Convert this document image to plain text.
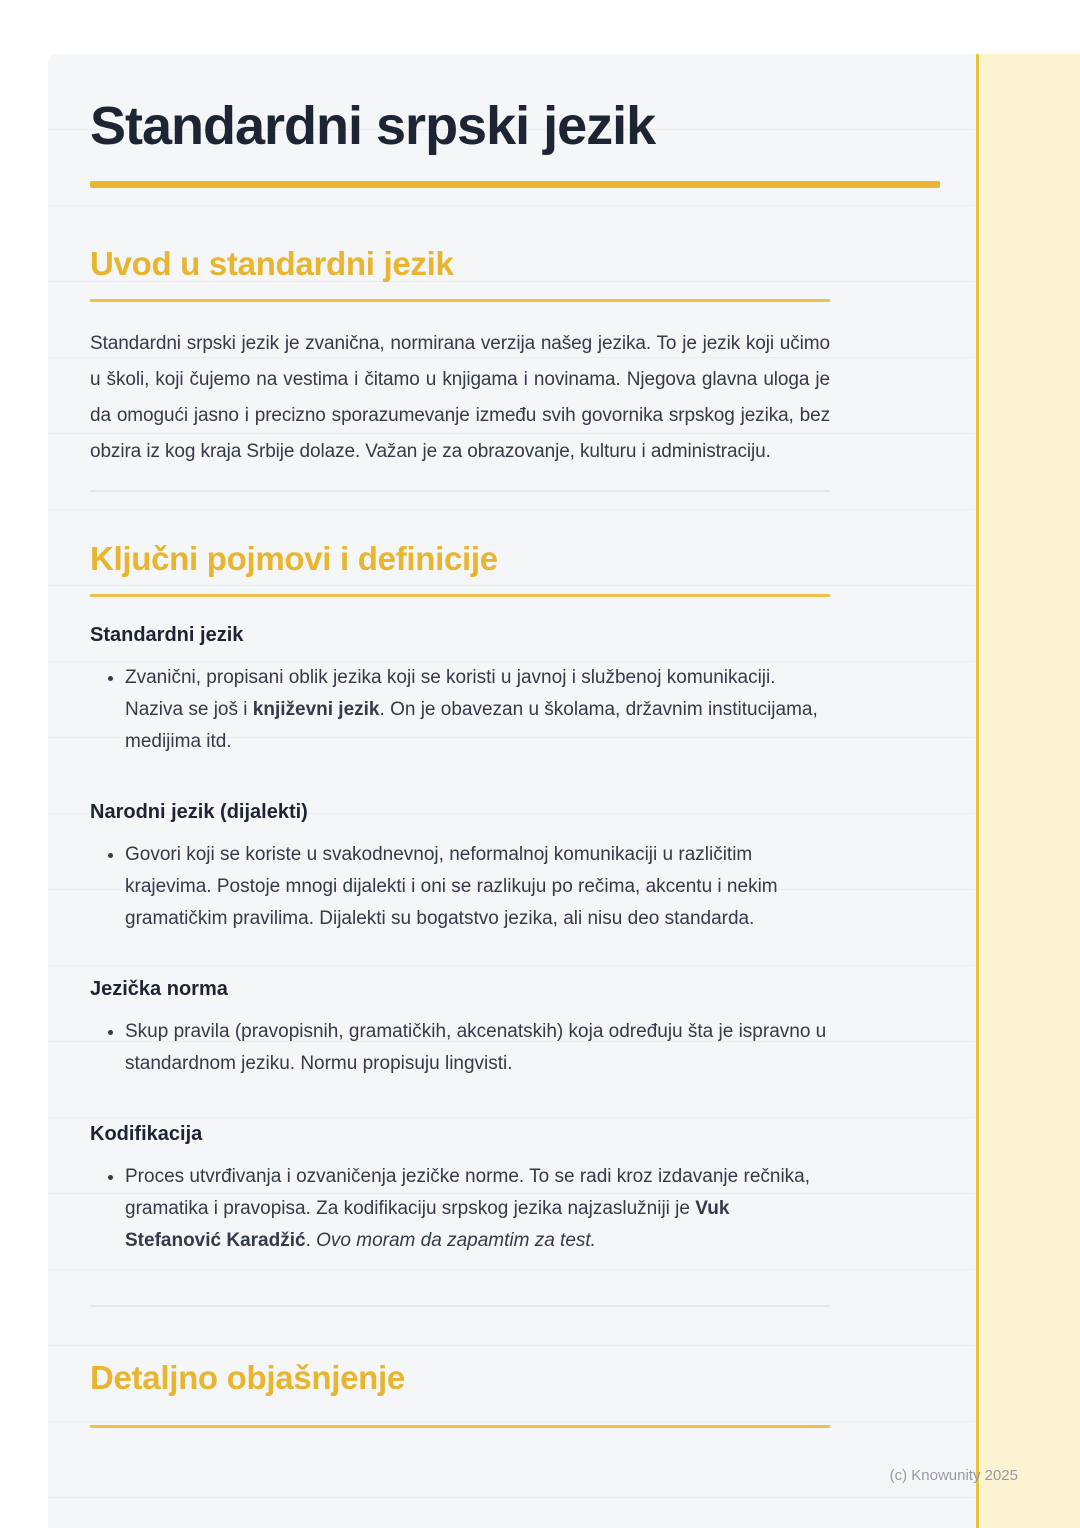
Standardni srpski jezik
Uvod u standardni jezik

Standardni srpski jezik je zvanična, normirana verzija našeg jezika. To je jezik koji učimo u školi, koji čujemo na vestima i čitamo u knjigama i novinama. Njegova glavna uloga je da omogući jasno i precizno sporazumevanje između svih govornika srpskog jezika, bez obzira iz kog kraja Srbije dolaze. Važan je za obrazovanje, kulturu i administraciju.

Ključni pojmovi i definicije
Standardni jezik
• Zvanični, propisani oblik jezika koji se koristi u javnoj i službenoj komunikaciji. Naziva se još i književni jezik. On je obavezan u školama, državnim institucijama, medijima itd.
Narodni jezik (dijalekti)
• Govori koji se koriste u svakodnevnoj, neformalnoj komunikaciji u različitim krajevima. Postoje mnogi dijalekti i oni se razlikuju po rečima, akcentu i nekim gramatičkim pravilima. Dijalekti su bogatstvo jezika, ali nisu deo standarda.
Jezička norma
• Skup pravila (pravopisnih, gramatičkih, akcenatskih) koja određuju šta je ispravno u standardnom jeziku. Normu propisuju lingvisti.
Kodifikacija
• Proces utvrđivanja i ozvaničenja jezičke norme. To se radi kroz izdavanje rečnika, gramatika i pravopisa. Za kodifikaciju srpskog jezika najzaslužniji je Vuk Stefanović Karadžić. Ovo moram da zapamtim za test.
Detaljno objašnjenje
(c) Knowunity 2025
